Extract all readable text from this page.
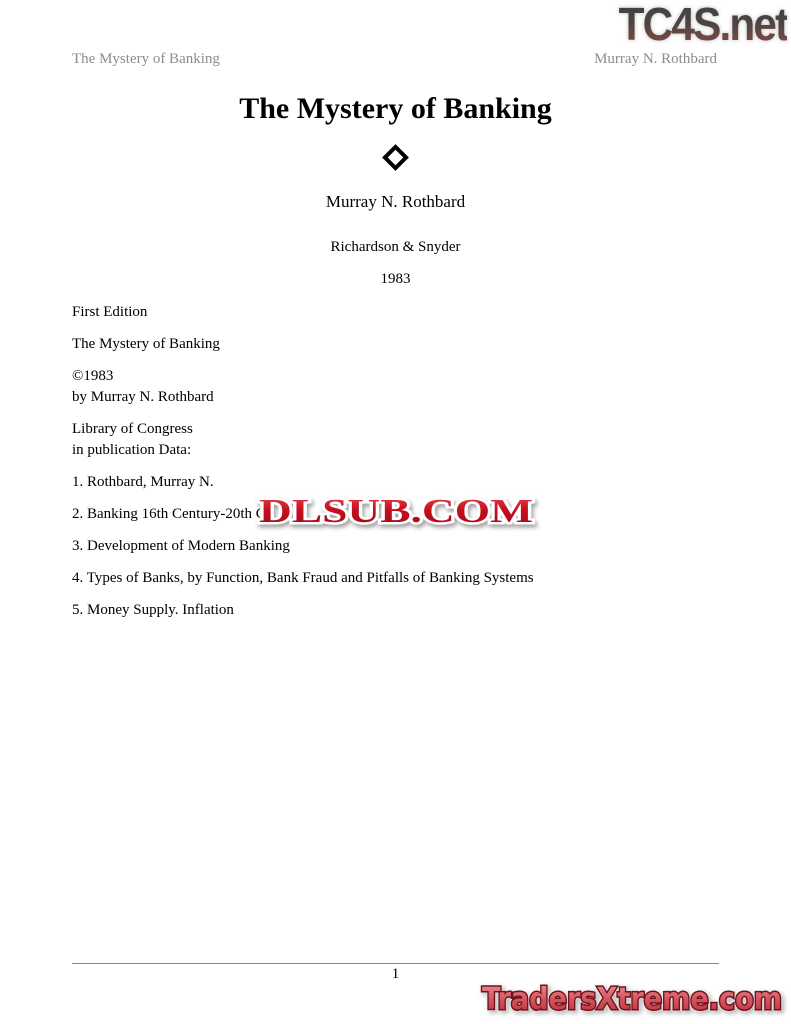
TC4S.net
The Mystery of Banking	Murray N. Rothbard
The Mystery of Banking
Murray N. Rothbard
Richardson & Snyder
1983

First Edition

The Mystery of Banking

©1983
by Murray N. Rothbard

Library of Congress
in publication Data:

1. Rothbard, Murray N.

2. Banking 16th Century-20th C

3. Development of Modern Banking

4. Types of Banks, by Function, Bank Fraud and Pitfalls of Banking Systems

5. Money Supply. Inflation

DLSUB.COM
1
TradersXtreme.com
